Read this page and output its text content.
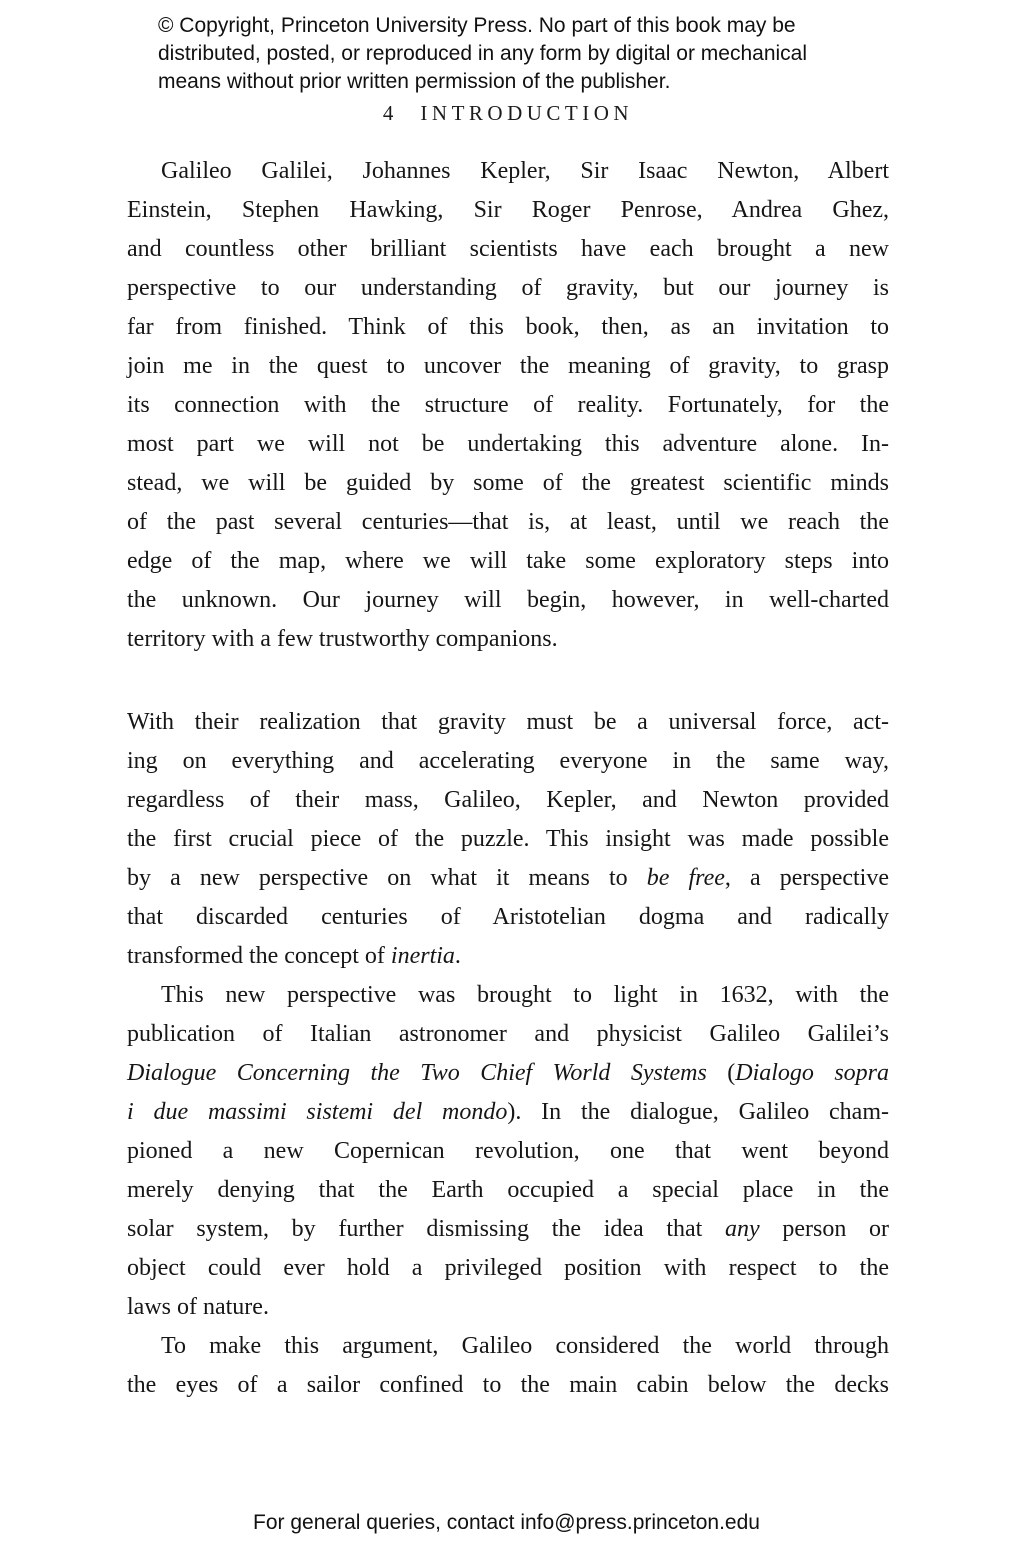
© Copyright, Princeton University Press. No part of this book may be
distributed, posted, or reproduced in any form by digital or mechanical
means without prior written permission of the publisher.
4 INTRODUCTION
Galileo Galilei, Johannes Kepler, Sir Isaac Newton, Albert
Einstein, Stephen Hawking, Sir Roger Penrose, Andrea Ghez,
and countless other brilliant scientists have each brought a new
perspective to our understanding of gravity, but our journey is
far from finished. Think of this book, then, as an invitation to
join me in the quest to uncover the meaning of gravity, to grasp
its connection with the structure of reality. Fortunately, for the
most part we will not be undertaking this adventure alone. In-
stead, we will be guided by some of the greatest scientific minds
of the past several centuries—that is, at least, until we reach the
edge of the map, where we will take some exploratory steps into
the unknown. Our journey will begin, however, in well-charted
territory with a few trustworthy companions.
With their realization that gravity must be a universal force, act-
ing on everything and accelerating everyone in the same way,
regardless of their mass, Galileo, Kepler, and Newton provided
the first crucial piece of the puzzle. This insight was made possible
by a new perspective on what it means to be free, a perspective
that discarded centuries of Aristotelian dogma and radically
transformed the concept of inertia.
This new perspective was brought to light in 1632, with the
publication of Italian astronomer and physicist Galileo Galilei’s
Dialogue Concerning the Two Chief World Systems (Dialogo sopra
i due massimi sistemi del mondo). In the dialogue, Galileo cham-
pioned a new Copernican revolution, one that went beyond
merely denying that the Earth occupied a special place in the
solar system, by further dismissing the idea that any person or
object could ever hold a privileged position with respect to the
laws of nature.
To make this argument, Galileo considered the world through
the eyes of a sailor confined to the main cabin below the decks
For general queries, contact info@press.princeton.edu
